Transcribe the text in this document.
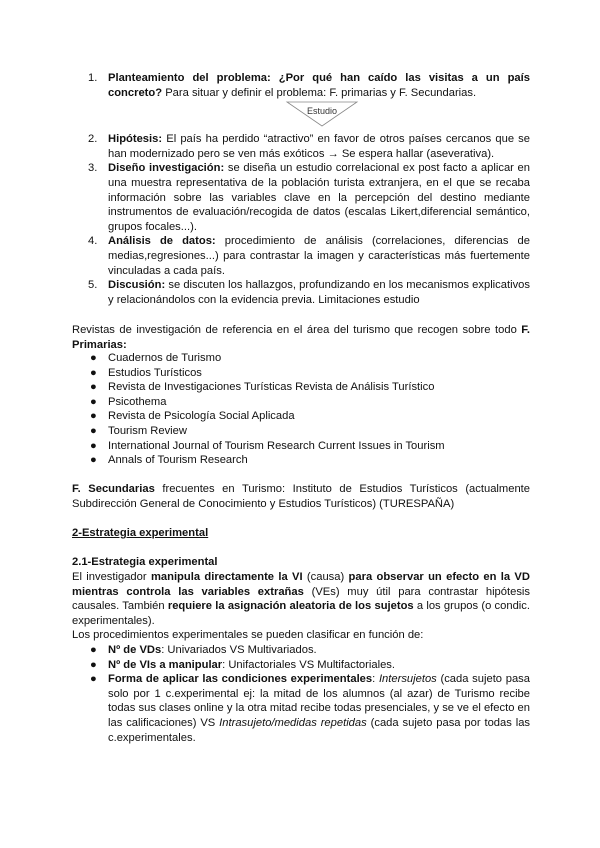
1. Planteamiento del problema: ¿Por qué han caído las visitas a un país concreto? Para situar y definir el problema: F. primarias y F. Secundarias.
Estudio
2. Hipótesis: El país ha perdido “atractivo” en favor de otros países cercanos que se han modernizado pero se ven más exóticos → Se espera hallar (aseverativa).
3. Diseño investigación: se diseña un estudio correlacional ex post facto a aplicar en una muestra representativa de la población turista extranjera, en el que se recaba información sobre las variables clave en la percepción del destino mediante instrumentos de evaluación/recogida de datos (escalas Likert,diferencial semántico, grupos focales...).
4. Análisis de datos: procedimiento de análisis (correlaciones, diferencias de medias,regresiones...) para contrastar la imagen y características más fuertemente vinculadas a cada país.
5. Discusión: se discuten los hallazgos, profundizando en los mecanismos explicativos y relacionándolos con la evidencia previa. Limitaciones estudio
Revistas de investigación de referencia en el área del turismo que recogen sobre todo F. Primarias:
● Cuadernos de Turismo
● Estudios Turísticos
● Revista de Investigaciones Turísticas Revista de Análisis Turístico
● Psicothema
● Revista de Psicología Social Aplicada
● Tourism Review
● International Journal of Tourism Research Current Issues in Tourism
● Annals of Tourism Research
F. Secundarias frecuentes en Turismo: Instituto de Estudios Turísticos (actualmente Subdirección General de Conocimiento y Estudios Turísticos) (TURESPAÑA)
2-Estrategia experimental
2.1-Estrategia experimental
El investigador manipula directamente la VI (causa) para observar un efecto en la VD mientras controla las variables extrañas (VEs) muy útil para contrastar hipótesis causales. También requiere la asignación aleatoria de los sujetos a los grupos (o condic. experimentales).
Los procedimientos experimentales se pueden clasificar en función de:
● Nº de VDs: Univariados VS Multivariados.
● Nº de VIs a manipular: Unifactoriales VS Multifactoriales.
● Forma de aplicar las condiciones experimentales: Intersujetos (cada sujeto pasa solo por 1 c.experimental ej: la mitad de los alumnos (al azar) de Turismo recibe todas sus clases online y la otra mitad recibe todas presenciales, y se ve el efecto en las calificaciones) VS Intrasujeto/medidas repetidas (cada sujeto pasa por todas las c.experimentales.
